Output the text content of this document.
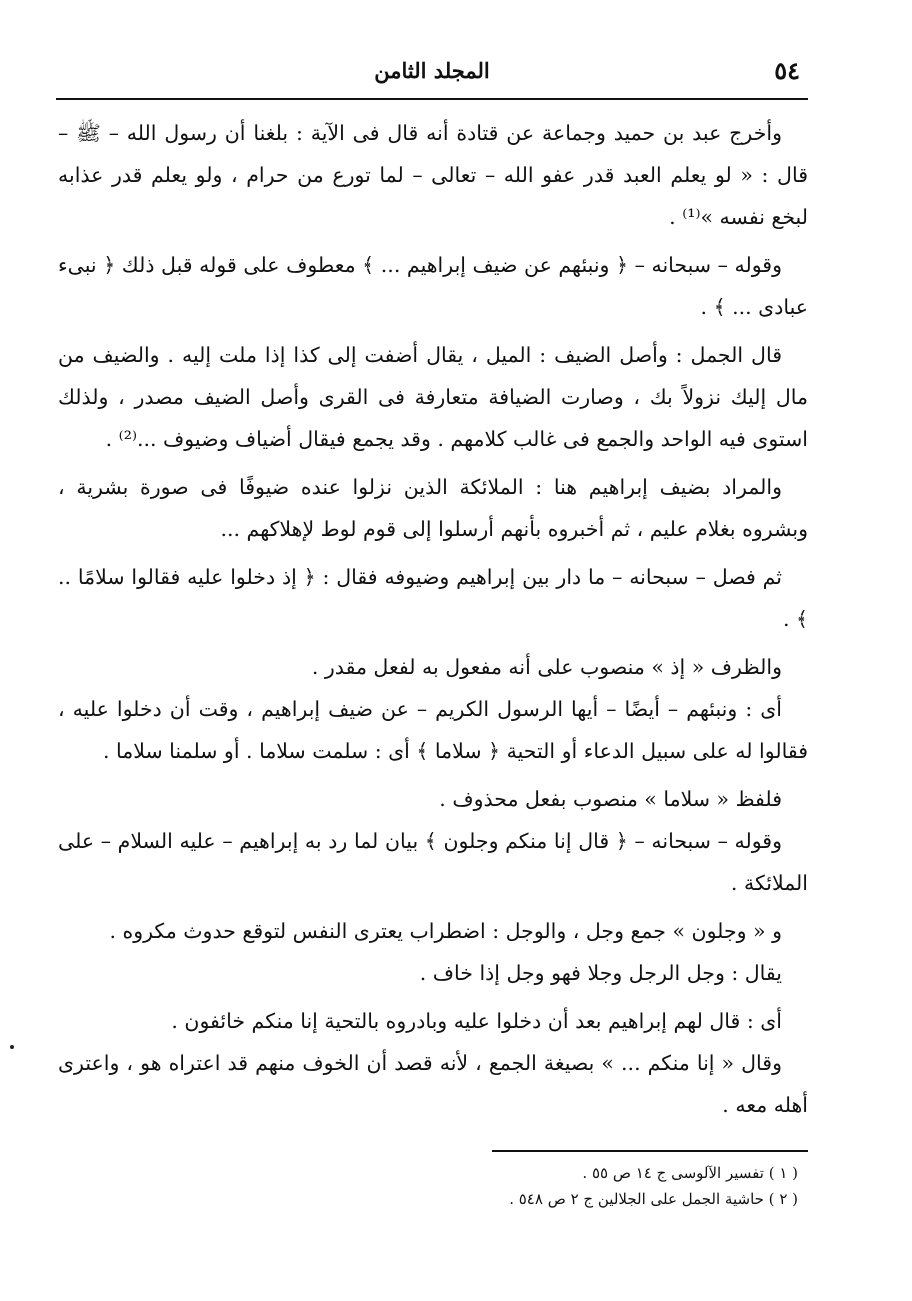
٥٤
المجلد الثامن

وأخرج عبد بن حميد وجماعة عن قتادة أنه قال فى الآية : بلغنا أن رسول الله – ﷺ – قال : « لو يعلم العبد قدر عفو الله – تعالى – لما تورع من حرام ، ولو يعلم قدر عذابه لبخع نفسه »⁽¹⁾ .

وقوله – سبحانه – ﴿ ونبئهم عن ضيف إبراهيم ... ﴾ معطوف على قوله قبل ذلك ﴿ نبىء عبادى ... ﴾ .

قال الجمل : وأصل الضيف : الميل ، يقال أضفت إلى كذا إذا ملت إليه . والضيف من مال إليك نزولاً بك ، وصارت الضيافة متعارفة فى القرى وأصل الضيف مصدر ، ولذلك استوى فيه الواحد والجمع فى غالب كلامهم . وقد يجمع فيقال أضياف وضيوف ...⁽²⁾ .

والمراد بضيف إبراهيم هنا : الملائكة الذين نزلوا عنده ضيوفًا فى صورة بشرية ، وبشروه بغلام عليم ، ثم أخبروه بأنهم أرسلوا إلى قوم لوط لإهلاكهم ...

ثم فصل – سبحانه – ما دار بين إبراهيم وضيوفه فقال : ﴿ إذ دخلوا عليه فقالوا سلامًا .. ﴾ .

والظرف « إذ » منصوب على أنه مفعول به لفعل مقدر .

أى : ونبئهم – أيضًا – أيها الرسول الكريم – عن ضيف إبراهيم ، وقت أن دخلوا عليه ، فقالوا له على سبيل الدعاء أو التحية ﴿ سلاما ﴾ أى : سلمت سلاما . أو سلمنا سلاما .

فلفظ « سلاما » منصوب بفعل محذوف .

وقوله – سبحانه – ﴿ قال إنا منكم وجلون ﴾ بيان لما رد به إبراهيم – عليه السلام – على الملائكة .

و « وجلون » جمع وجل ، والوجل : اضطراب يعترى النفس لتوقع حدوث مكروه .

يقال : وجل الرجل وجلا فهو وجل إذا خاف .

أى : قال لهم إبراهيم بعد أن دخلوا عليه وبادروه بالتحية إنا منكم خائفون .

وقال « إنا منكم ... » بصيغة الجمع ، لأنه قصد أن الخوف منهم قد اعتراه هو ، واعترى أهله معه .

( ١ ) تفسير الآلوسى ج ١٤ ص ٥٥ .
( ٢ ) حاشية الجمل على الجلالين ج ٢ ص ٥٤٨ .
